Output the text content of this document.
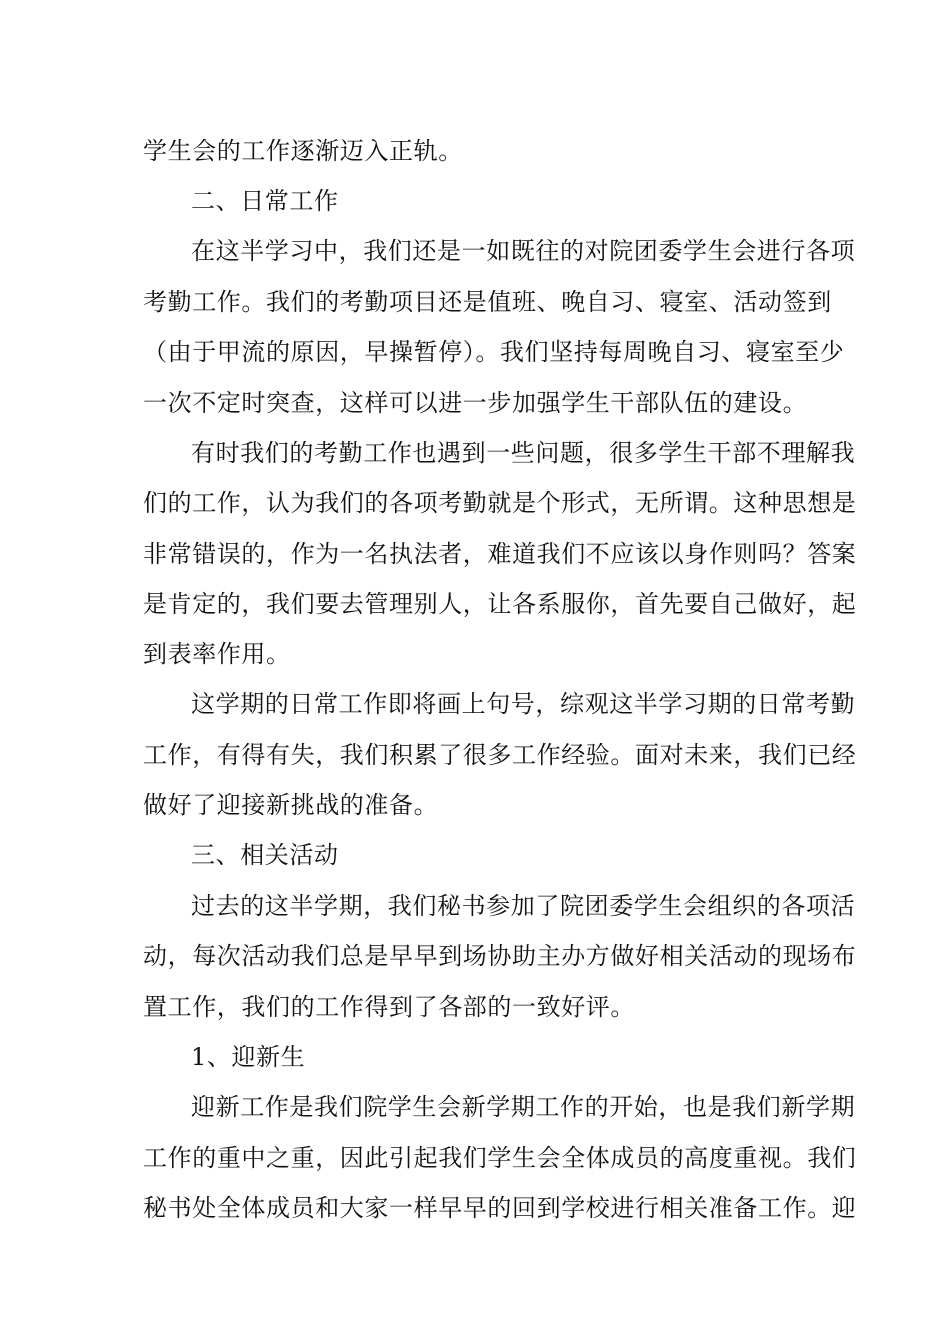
学生会的工作逐渐迈入正轨。
二、日常工作
在这半学习中，我们还是一如既往的对院团委学生会进行各项
考勤工作。我们的考勤项目还是值班、晚自习、寝室、活动签到
（由于甲流的原因，早操暂停）。我们坚持每周晚自习、寝室至少
一次不定时突查，这样可以进一步加强学生干部队伍的建设。
有时我们的考勤工作也遇到一些问题，很多学生干部不理解我
们的工作，认为我们的各项考勤就是个形式，无所谓。这种思想是
非常错误的，作为一名执法者，难道我们不应该以身作则吗？答案
是肯定的，我们要去管理别人，让各系服你，首先要自己做好，起
到表率作用。
这学期的日常工作即将画上句号，综观这半学习期的日常考勤
工作，有得有失，我们积累了很多工作经验。面对未来，我们已经
做好了迎接新挑战的准备。
三、相关活动
过去的这半学期，我们秘书参加了院团委学生会组织的各项活
动，每次活动我们总是早早到场协助主办方做好相关活动的现场布
置工作，我们的工作得到了各部的一致好评。
1、迎新生
迎新工作是我们院学生会新学期工作的开始，也是我们新学期
工作的重中之重，因此引起我们学生会全体成员的高度重视。我们
秘书处全体成员和大家一样早早的回到学校进行相关准备工作。迎
